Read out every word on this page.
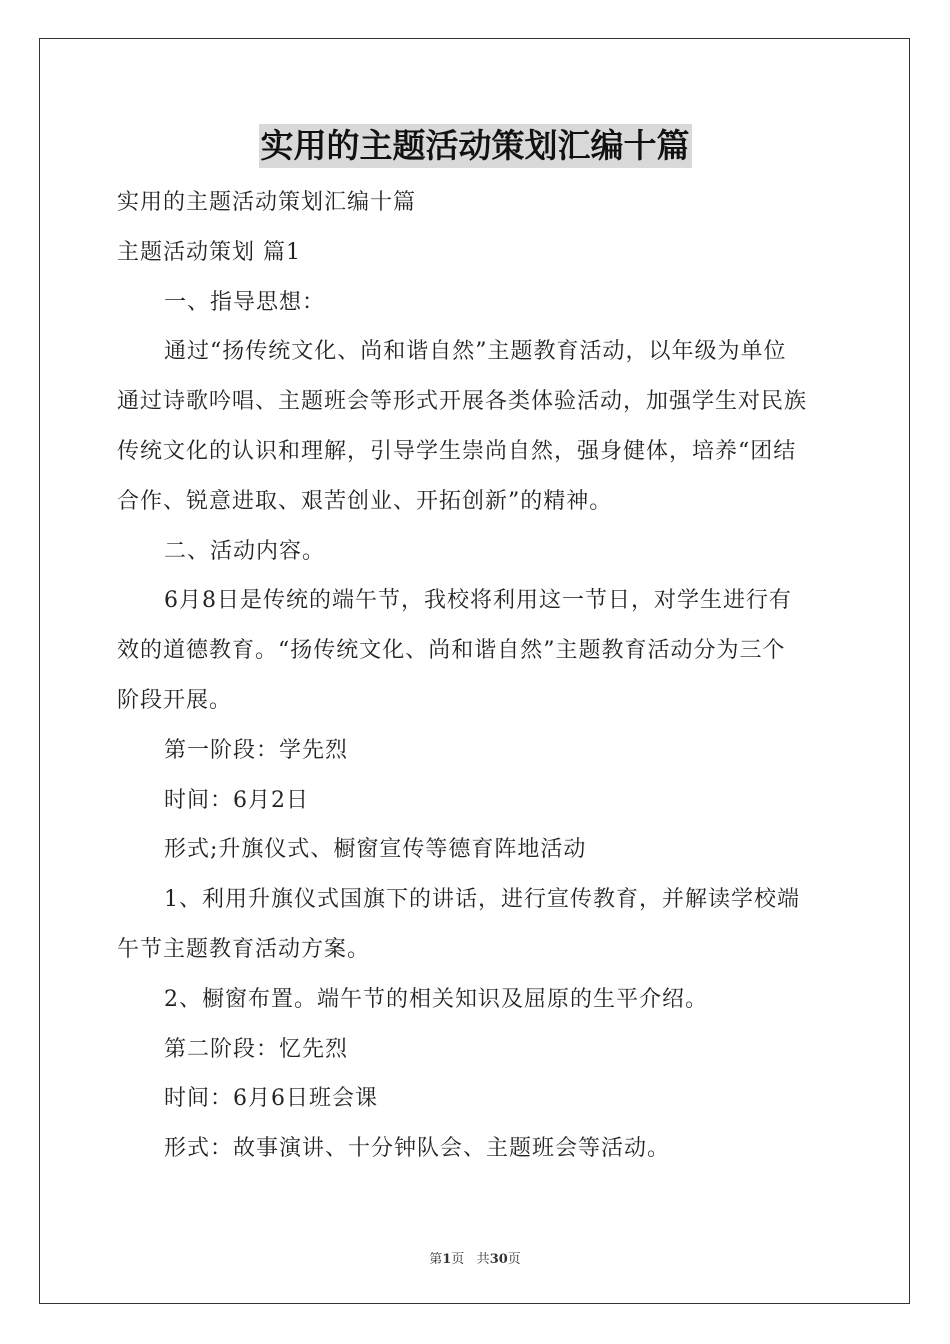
实用的主题活动策划汇编十篇

实用的主题活动策划汇编十篇

主题活动策划 篇1

一、指导思想：

通过“扬传统文化、尚和谐自然”主题教育活动，以年级为单位

通过诗歌吟唱、主题班会等形式开展各类体验活动，加强学生对民族

传统文化的认识和理解，引导学生崇尚自然，强身健体，培养“团结

合作、锐意进取、艰苦创业、开拓创新”的精神。

二、活动内容。

6月8日是传统的端午节，我校将利用这一节日，对学生进行有

效的道德教育。“扬传统文化、尚和谐自然”主题教育活动分为三个

阶段开展。

第一阶段：学先烈

时间：6月2日

形式;升旗仪式、橱窗宣传等德育阵地活动

1、利用升旗仪式国旗下的讲话，进行宣传教育，并解读学校端

午节主题教育活动方案。

2、橱窗布置。端午节的相关知识及屈原的生平介绍。

第二阶段：忆先烈

时间：6月6日班会课

形式：故事演讲、十分钟队会、主题班会等活动。

第1页 共30页
